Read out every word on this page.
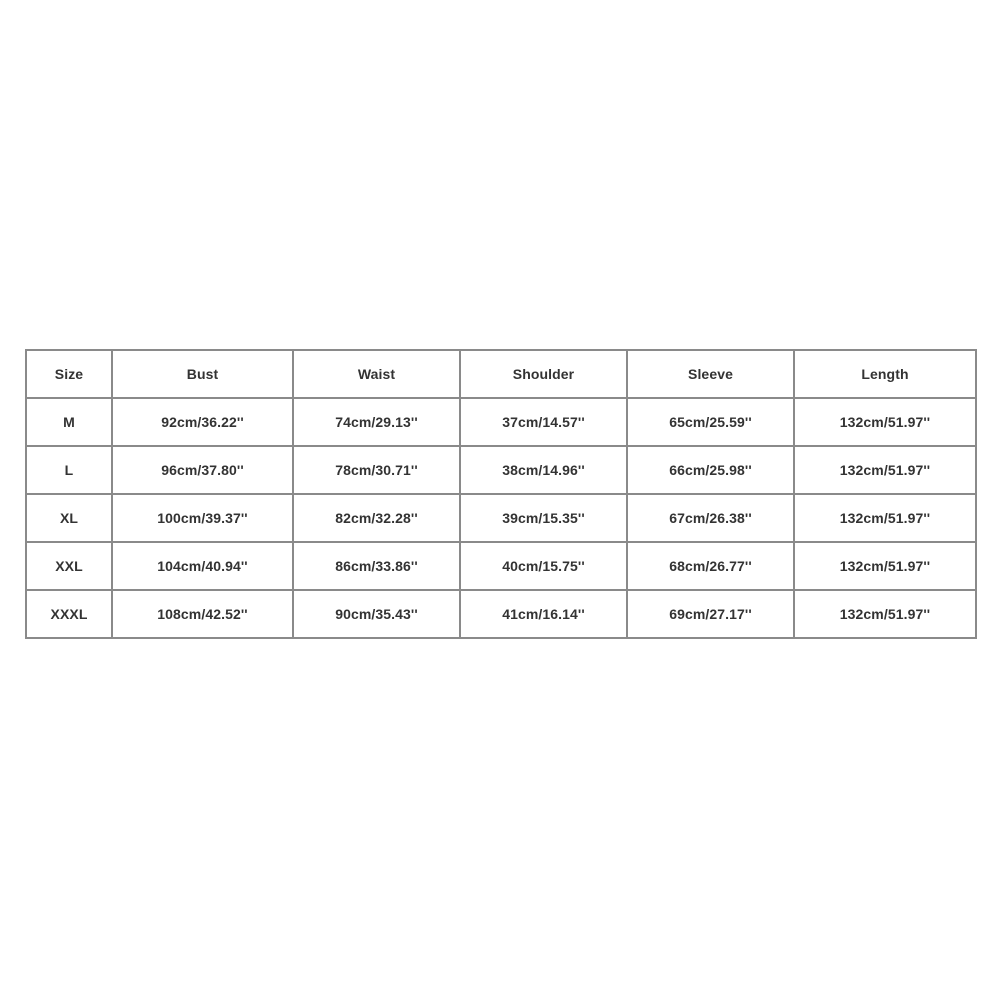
Size	Bust	Waist	Shoulder	Sleeve	Length
M	92cm/36.22''	74cm/29.13''	37cm/14.57''	65cm/25.59''	132cm/51.97''
L	96cm/37.80''	78cm/30.71''	38cm/14.96''	66cm/25.98''	132cm/51.97''
XL	100cm/39.37''	82cm/32.28''	39cm/15.35''	67cm/26.38''	132cm/51.97''
XXL	104cm/40.94''	86cm/33.86''	40cm/15.75''	68cm/26.77''	132cm/51.97''
XXXL	108cm/42.52''	90cm/35.43''	41cm/16.14''	69cm/27.17''	132cm/51.97''
